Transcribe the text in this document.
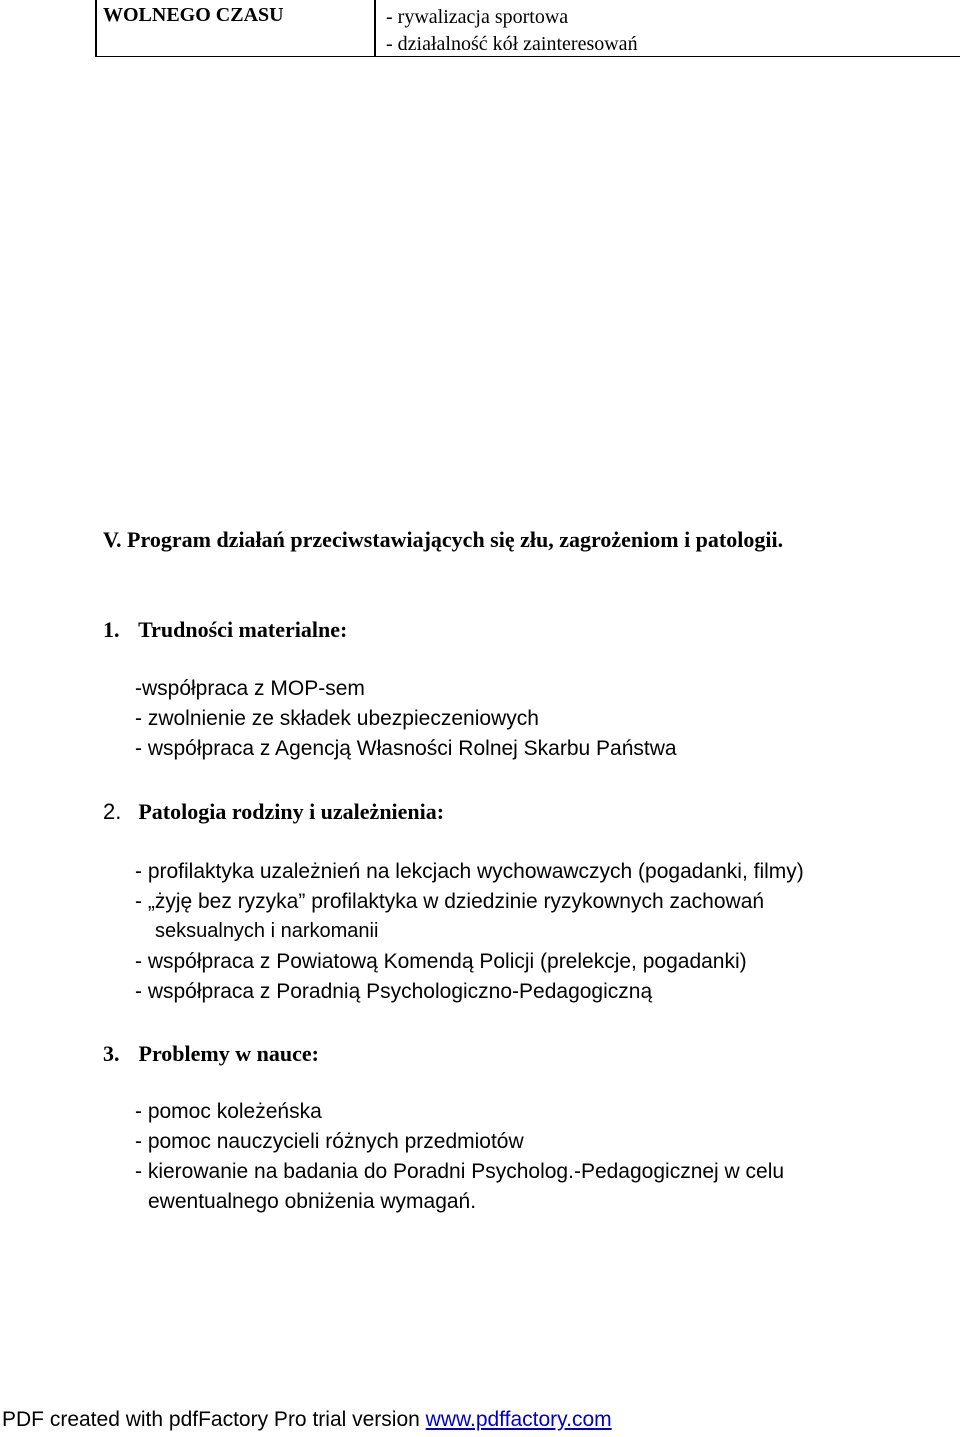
WOLNEGO CZASU	- rywalizacja sportowa
- działalność kół zainteresowań
V. Program działań przeciwstawiających się złu, zagrożeniom i patologii.
1. Trudności materialne:
-współpraca z MOP-sem
- zwolnienie ze składek ubezpieczeniowych
- współpraca z Agencją Własności Rolnej Skarbu Państwa
2. Patologia rodziny i uzależnienia:
- profilaktyka uzależnień na lekcjach wychowawczych (pogadanki, filmy)
- „żyję bez ryzyka” profilaktyka w dziedzinie ryzykownych zachowań
seksualnych i narkomanii
- współpraca z Powiatową Komendą Policji (prelekcje, pogadanki)
- współpraca z Poradnią Psychologiczno-Pedagogiczną
3. Problemy w nauce:
- pomoc koleżeńska
- pomoc nauczycieli różnych przedmiotów
- kierowanie na badania do Poradni Psycholog.-Pedagogicznej w celu
ewentualnego obniżenia wymagań.
PDF created with pdfFactory Pro trial version www.pdffactory.com
